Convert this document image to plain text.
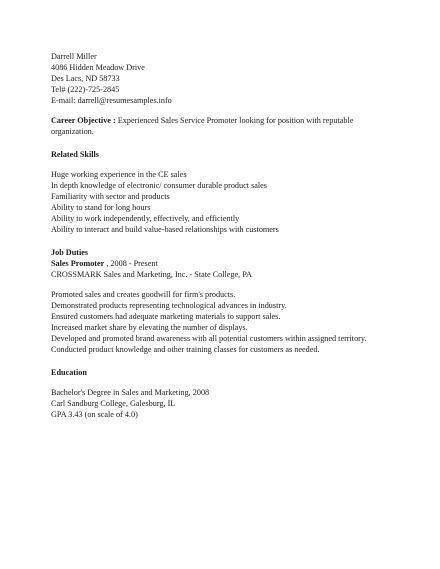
Darrell Miller
4086 Hidden Meadow Drive
Des Lacs, ND 58733
Tel# (222)-725-2845
E-mail: darrell@resumesamples.info
Career Objective : Experienced Sales Service Promoter looking for position with reputable organization.
Related Skills
Huge working experience in the CE sales
In depth knowledge of electronic/ consumer durable product sales
Familiarity with sector and products
Ability to stand for long hours
Ability to work independently, effectively, and efficiently
Ability to interact and build value-based relationships with customers
Job Duties
Sales Promoter , 2008 - Present
CROSSMARK Sales and Marketing, Inc. - State College, PA
Promoted sales and creates goodwill for firm's products.
Demonstrated products representing technological advances in industry.
Ensured customers had adequate marketing materials to support sales.
Increased market share by elevating the number of displays.
Developed and promoted brand awareness with all potential customers within assigned territory.
Conducted product knowledge and other training classes for customers as needed.
Education
Bachelor's Degree in Sales and Marketing, 2008
Carl Sandburg College, Galesburg, IL
GPA 3.43 (on scale of 4.0)
